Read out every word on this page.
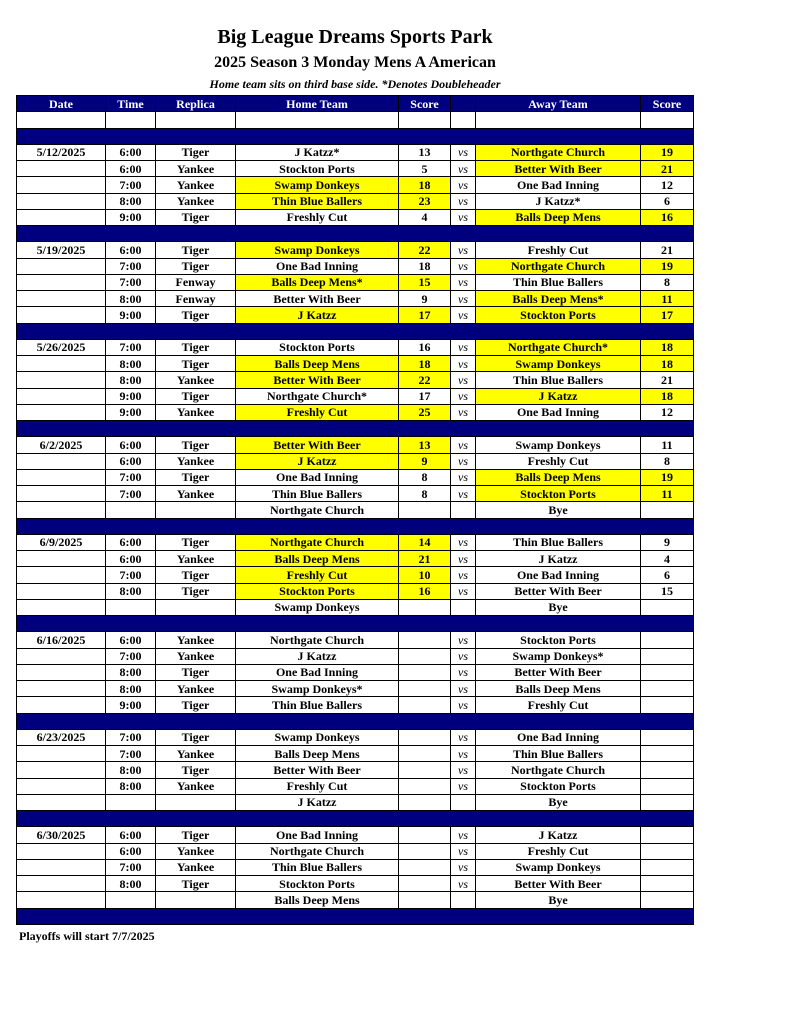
Big League Dreams Sports Park
2025 Season 3 Monday Mens A American
Home team sits on third base side. *Denotes Doubleheader
Date	Time	Replica	Home Team	Score		Away Team	Score

5/12/2025	6:00	Tiger	J Katzz*	13	vs	Northgate Church	19
	6:00	Yankee	Stockton Ports	5	vs	Better With Beer	21
	7:00	Yankee	Swamp Donkeys	18	vs	One Bad Inning	12
	8:00	Yankee	Thin Blue Ballers	23	vs	J Katzz*	6
	9:00	Tiger	Freshly Cut	4	vs	Balls Deep Mens	16

5/19/2025	6:00	Tiger	Swamp Donkeys	22	vs	Freshly Cut	21
	7:00	Tiger	One Bad Inning	18	vs	Northgate Church	19
	7:00	Fenway	Balls Deep Mens*	15	vs	Thin Blue Ballers	8
	8:00	Fenway	Better With Beer	9	vs	Balls Deep Mens*	11
	9:00	Tiger	J Katzz	17	vs	Stockton Ports	17

5/26/2025	7:00	Tiger	Stockton Ports	16	vs	Northgate Church*	18
	8:00	Tiger	Balls Deep Mens	18	vs	Swamp Donkeys	18
	8:00	Yankee	Better With Beer	22	vs	Thin Blue Ballers	21
	9:00	Tiger	Northgate Church*	17	vs	J Katzz	18
	9:00	Yankee	Freshly Cut	25	vs	One Bad Inning	12

6/2/2025	6:00	Tiger	Better With Beer	13	vs	Swamp Donkeys	11
	6:00	Yankee	J Katzz	9	vs	Freshly Cut	8
	7:00	Tiger	One Bad Inning	8	vs	Balls Deep Mens	19
	7:00	Yankee	Thin Blue Ballers	8	vs	Stockton Ports	11
			Northgate Church			Bye	

6/9/2025	6:00	Tiger	Northgate Church	14	vs	Thin Blue Ballers	9
	6:00	Yankee	Balls Deep Mens	21	vs	J Katzz	4
	7:00	Tiger	Freshly Cut	10	vs	One Bad Inning	6
	8:00	Tiger	Stockton Ports	16	vs	Better With Beer	15
			Swamp Donkeys			Bye	

6/16/2025	6:00	Yankee	Northgate Church		vs	Stockton Ports	
	7:00	Yankee	J Katzz		vs	Swamp Donkeys*	
	8:00	Tiger	One Bad Inning		vs	Better With Beer	
	8:00	Yankee	Swamp Donkeys*		vs	Balls Deep Mens	
	9:00	Tiger	Thin Blue Ballers		vs	Freshly Cut	

6/23/2025	7:00	Tiger	Swamp Donkeys		vs	One Bad Inning	
	7:00	Yankee	Balls Deep Mens		vs	Thin Blue Ballers	
	8:00	Tiger	Better With Beer		vs	Northgate Church	
	8:00	Yankee	Freshly Cut		vs	Stockton Ports	
			J Katzz			Bye	

6/30/2025	6:00	Tiger	One Bad Inning		vs	J Katzz	
	6:00	Yankee	Northgate Church		vs	Freshly Cut	
	7:00	Yankee	Thin Blue Ballers		vs	Swamp Donkeys	
	8:00	Tiger	Stockton Ports		vs	Better With Beer	
			Balls Deep Mens			Bye	

Playoffs will start 7/7/2025
